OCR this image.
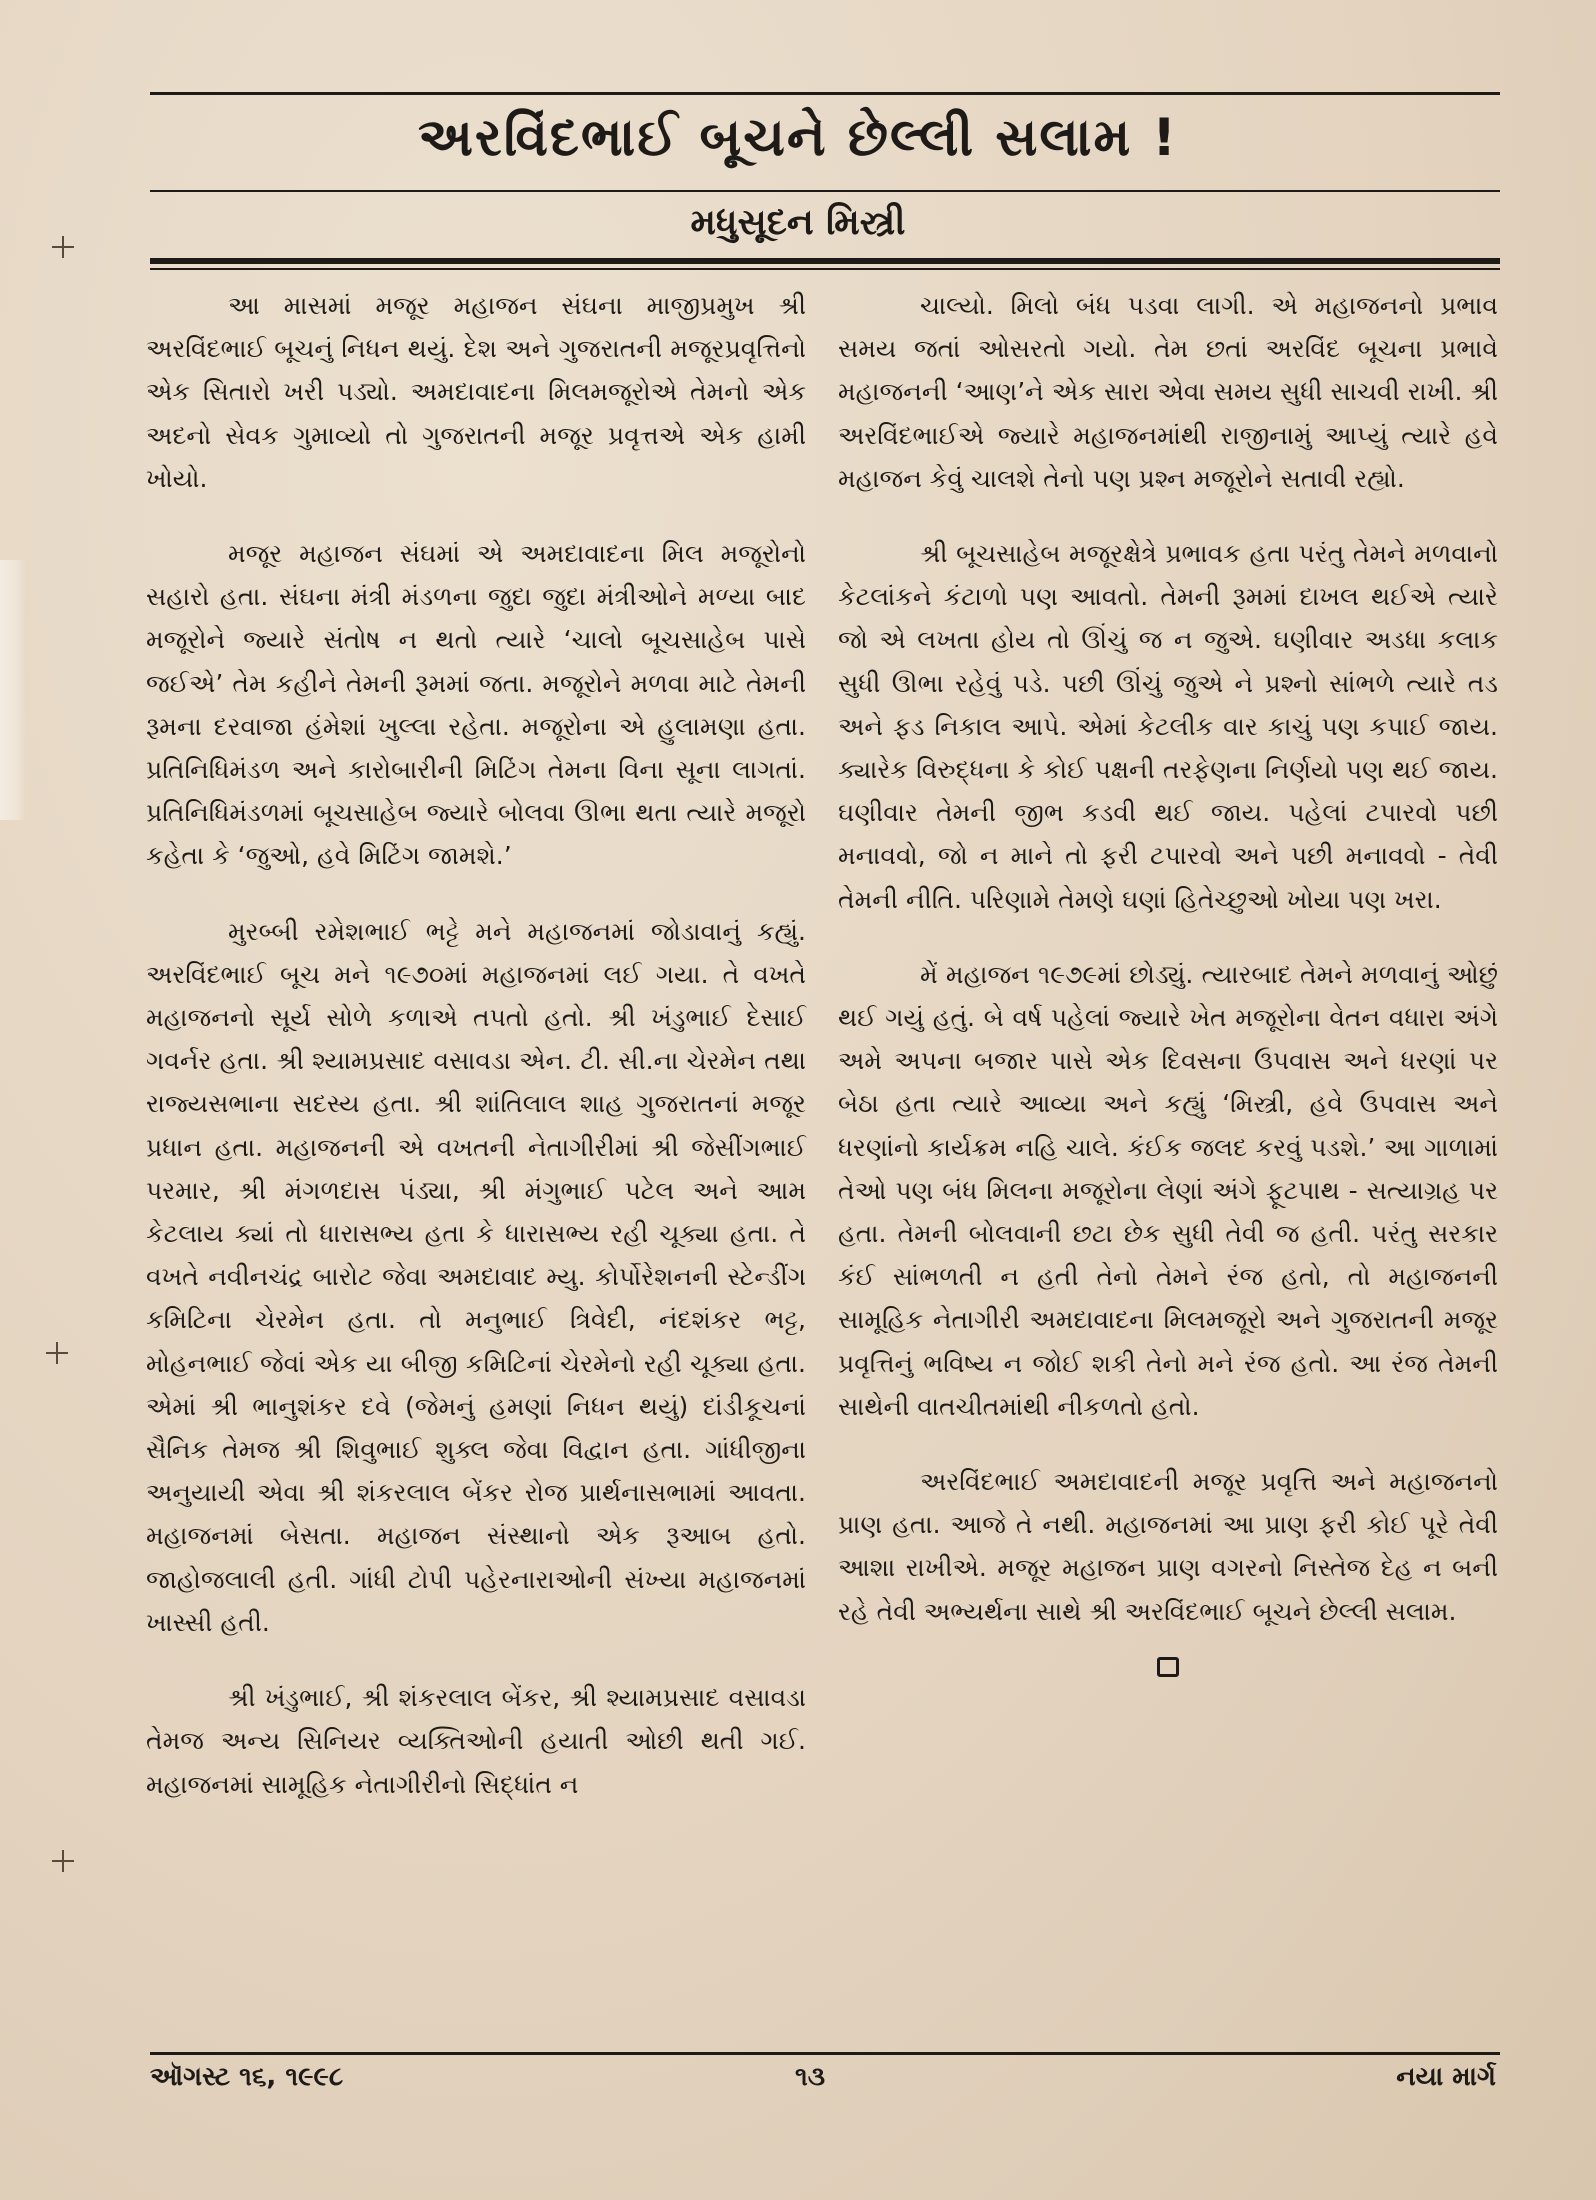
અરવિંદભાઈ બૂચને છેલ્લી સલામ !
મધુસૂદન મિસ્ત્રી

આ માસમાં મજૂર મહાજન સંઘના માજીપ્રમુખ શ્રી અરવિંદભાઈ બૂચનું નિધન થયું. દેશ અને ગુજરાતની મજૂરપ્રવૃત્તિનો એક સિતારો ખરી પડ્યો. અમદાવાદના મિલમજૂરોએ તેમનો એક અદનો સેવક ગુમાવ્યો તો ગુજરાતની મજૂર પ્રવૃત્તએ એક હામી ખોયો.

મજૂર મહાજન સંઘમાં એ અમદાવાદના મિલ મજૂરોનો સહારો હતા. સંઘના મંત્રી મંડળના જુદા જુદા મંત્રીઓને મળ્યા બાદ મજૂરોને જ્યારે સંતોષ ન થતો ત્યારે ‘ચાલો બૂચસાહેબ પાસે જઈએ’ તેમ કહીને તેમની રૂમમાં જતા. મજૂરોને મળવા માટે તેમની રૂમના દરવાજા હંમેશાં ખુલ્લા રહેતા. મજૂરોના એ હુલામણા હતા. પ્રતિનિધિમંડળ અને કારોબારીની મિટિંગ તેમના વિના સૂના લાગતાં. પ્રતિનિધિમંડળમાં બૂચસાહેબ જ્યારે બોલવા ઊભા થતા ત્યારે મજૂરો કહેતા કે ‘જુઓ, હવે મિટિંગ જામશે.’

મુરબ્બી રમેશભાઈ ભટ્ટે મને મહાજનમાં જોડાવાનું કહ્યું. અરવિંદભાઈ બૂચ મને ૧૯૭૦માં મહાજનમાં લઈ ગયા. તે વખતે મહાજનનો સૂર્ય સોળે કળાએ તપતો હતો. શ્રી ખંડુભાઈ દેસાઈ ગવર્નર હતા. શ્રી શ્યામપ્રસાદ વસાવડા એન. ટી. સી.ના ચેરમેન તથા રાજ્યસભાના સદસ્ય હતા. શ્રી શાંતિલાલ શાહ ગુજરાતનાં મજૂર પ્રધાન હતા. મહાજનની એ વખતની નેતાગીરીમાં શ્રી જેસીંગભાઈ પરમાર, શ્રી મંગળદાસ પંડ્યા, શ્રી મંગુભાઈ પટેલ અને આમ કેટલાય ક્યાં તો ધારાસભ્ય હતા કે ધારાસભ્ય રહી ચૂક્યા હતા. તે વખતે નવીનચંદ્ર બારોટ જેવા અમદાવાદ મ્યુ. કોર્પોરેશનની સ્ટેન્ડીંગ કમિટિના ચેરમેન હતા. તો મનુભાઈ ત્રિવેદી, નંદશંકર ભટ્ટ, મોહનભાઈ જેવાં એક યા બીજી કમિટિનાં ચેરમેનો રહી ચૂક્યા હતા. એમાં શ્રી ભાનુશંકર દવે (જેમનું હમણાં નિધન થયું) દાંડીકૂચનાં સૈનિક તેમજ શ્રી શિવુભાઈ શુક્લ જેવા વિદ્વાન હતા. ગાંધીજીના અનુયાયી એવા શ્રી શંકરલાલ બેંકર રોજ પ્રાર્થનાસભામાં આવતા. મહાજનમાં બેસતા. મહાજન સંસ્થાનો એક રૂઆબ હતો. જાહોજલાલી હતી. ગાંધી ટોપી પહેરનારાઓની સંખ્યા મહાજનમાં ખાસ્સી હતી.

શ્રી ખંડુભાઈ, શ્રી શંકરલાલ બેંકર, શ્રી શ્યામપ્રસાદ વસાવડા તેમજ અન્ય સિનિયર વ્યક્તિઓની હયાતી ઓછી થતી ગઈ. મહાજનમાં સામૂહિક નેતાગીરીનો સિદ્ધાંત ન

ચાલ્યો. મિલો બંધ પડવા લાગી. એ મહાજનનો પ્રભાવ સમય જતાં ઓસરતો ગયો. તેમ છતાં અરવિંદ બૂચના પ્રભાવે મહાજનની ‘આણ’ને એક સારા એવા સમય સુધી સાચવી રાખી. શ્રી અરવિંદભાઈએ જ્યારે મહાજનમાંથી રાજીનામું આપ્યું ત્યારે હવે મહાજન કેવું ચાલશે તેનો પણ પ્રશ્ન મજૂરોને સતાવી રહ્યો.

શ્રી બૂચસાહેબ મજૂરક્ષેત્રે પ્રભાવક હતા પરંતુ તેમને મળવાનો કેટલાંકને કંટાળો પણ આવતો. તેમની રૂમમાં દાખલ થઈએ ત્યારે જો એ લખતા હોય તો ઊંચું જ ન જુએ. ઘણીવાર અડધા કલાક સુધી ઊભા રહેવું પડે. પછી ઊંચું જુએ ને પ્રશ્નો સાંભળે ત્યારે તડ અને ફડ નિકાલ આપે. એમાં કેટલીક વાર કાચું પણ કપાઈ જાય. ક્યારેક વિરુદ્ધના કે કોઈ પક્ષની તરફેણના નિર્ણયો પણ થઈ જાય. ઘણીવાર તેમની જીભ કડવી થઈ જાય. પહેલાં ટપારવો પછી મનાવવો, જો ન માને તો ફરી ટપારવો અને પછી મનાવવો - તેવી તેમની નીતિ. પરિણામે તેમણે ઘણાં હિતેચ્છુઓ ખોયા પણ ખરા.

મેં મહાજન ૧૯૭૯માં છોડ્યું. ત્યારબાદ તેમને મળવાનું ઓછું થઈ ગયું હતું. બે વર્ષ પહેલાં જ્યારે ખેત મજૂરોના વેતન વધારા અંગે અમે અપના બજાર પાસે એક દિવસના ઉપવાસ અને ધરણાં પર બેઠા હતા ત્યારે આવ્યા અને કહ્યું ‘મિસ્ત્રી, હવે ઉપવાસ અને ધરણાંનો કાર્યક્રમ નહિ ચાલે. કંઈક જલદ કરવું પડશે.’ આ ગાળામાં તેઓ પણ બંધ મિલના મજૂરોના લેણાં અંગે ફૂટપાથ - સત્યાગ્રહ પર હતા. તેમની બોલવાની છટા છેક સુધી તેવી જ હતી. પરંતુ સરકાર કંઈ સાંભળતી ન હતી તેનો તેમને રંજ હતો, તો મહાજનની સામૂહિક નેતાગીરી અમદાવાદના મિલમજૂરો અને ગુજરાતની મજૂર પ્રવૃત્તિનું ભવિષ્ય ન જોઈ શકી તેનો મને રંજ હતો. આ રંજ તેમની સાથેની વાતચીતમાંથી નીકળતો હતો.

અરવિંદભાઈ અમદાવાદની મજૂર પ્રવૃત્તિ અને મહાજનનો પ્રાણ હતા. આજે તે નથી. મહાજનમાં આ પ્રાણ ફરી કોઈ પૂરે તેવી આશા રાખીએ. મજૂર મહાજન પ્રાણ વગરનો નિસ્તેજ દેહ ન બની રહે તેવી અભ્યર્થના સાથે શ્રી અરવિંદભાઈ બૂચને છેલ્લી સલામ.

ઑગસ્ટ ૧૬, ૧૯૯૮	૧૩	નયા માર્ગ
